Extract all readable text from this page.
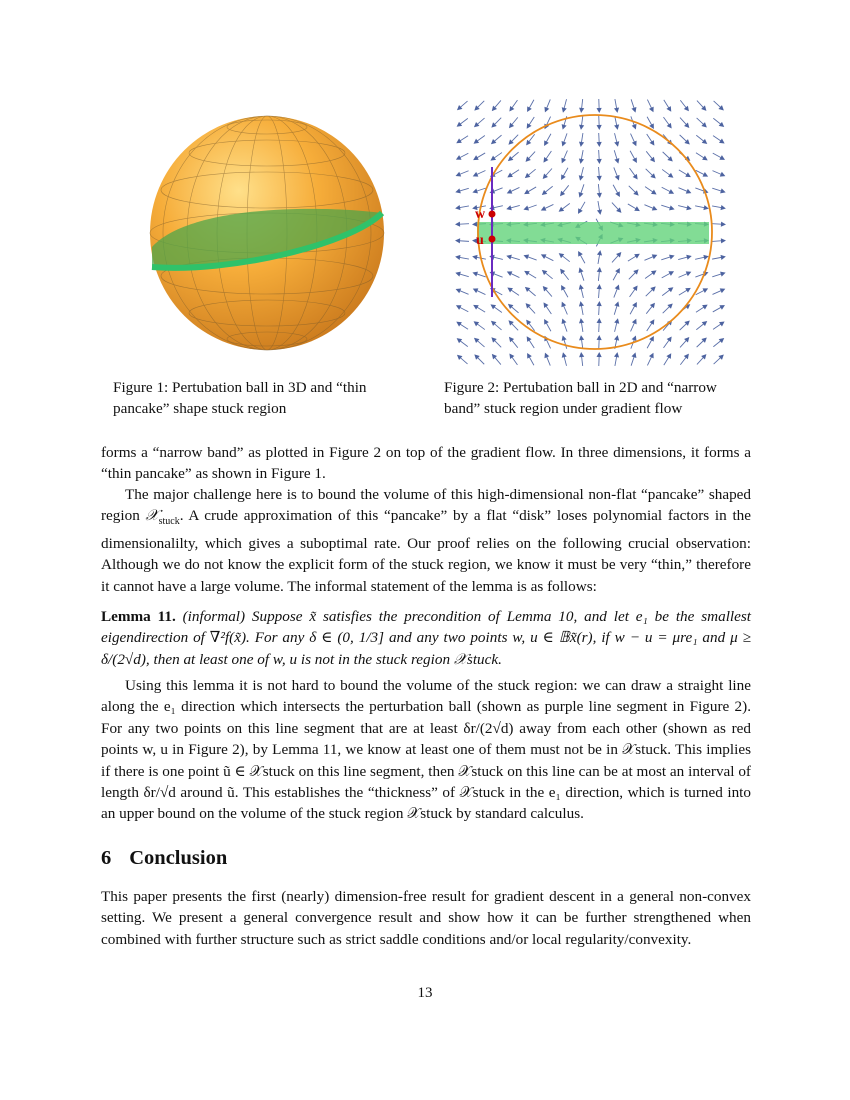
w
u
Figure 1: Pertubation ball in 3D and “thin pancake” shape stuck region
Figure 2: Pertubation ball in 2D and “narrow band” stuck region under gradient flow
forms a “narrow band” as plotted in Figure 2 on top of the gradient flow. In three dimensions, it forms a “thin pancake” as shown in Figure 1.
The major challenge here is to bound the volume of this high-dimensional non-flat “pancake” shaped region 𝒳$_{stuck}$. A crude approximation of this “pancake” by a flat “disk” loses polynomial factors in the dimensionalilty, which gives a suboptimal rate. Our proof relies on the following crucial observation: Although we do not know the explicit form of the stuck region, we know it must be very “thin,” therefore it cannot have a large volume. The informal statement of the lemma is as follows:
Lemma 11. (informal) Suppose x̃ satisfies the precondition of Lemma 10, and let e₁ be the smallest eigendirection of ∇²f(x̃). For any δ ∈ (0, 1/3] and any two points w, u ∈ 𝔹x̃(r), if w − u = μre₁ and μ ≥ δ/(2√d), then at least one of w, u is not in the stuck region 𝒳stuck.
Using this lemma it is not hard to bound the volume of the stuck region: we can draw a straight line along the e₁ direction which intersects the perturbation ball (shown as purple line segment in Figure 2). For any two points on this line segment that are at least δr/(2√d) away from each other (shown as red points w, u in Figure 2), by Lemma 11, we know at least one of them must not be in 𝒳stuck. This implies if there is one point ũ ∈ 𝒳stuck on this line segment, then 𝒳stuck on this line can be at most an interval of length δr/√d around ũ. This establishes the “thickness” of 𝒳stuck in the e₁ direction, which is turned into an upper bound on the volume of the stuck region 𝒳stuck by standard calculus.
6 Conclusion
This paper presents the first (nearly) dimension-free result for gradient descent in a general non-convex setting. We present a general convergence result and show how it can be further strengthened when combined with further structure such as strict saddle conditions and/or local regularity/convexity.
13
